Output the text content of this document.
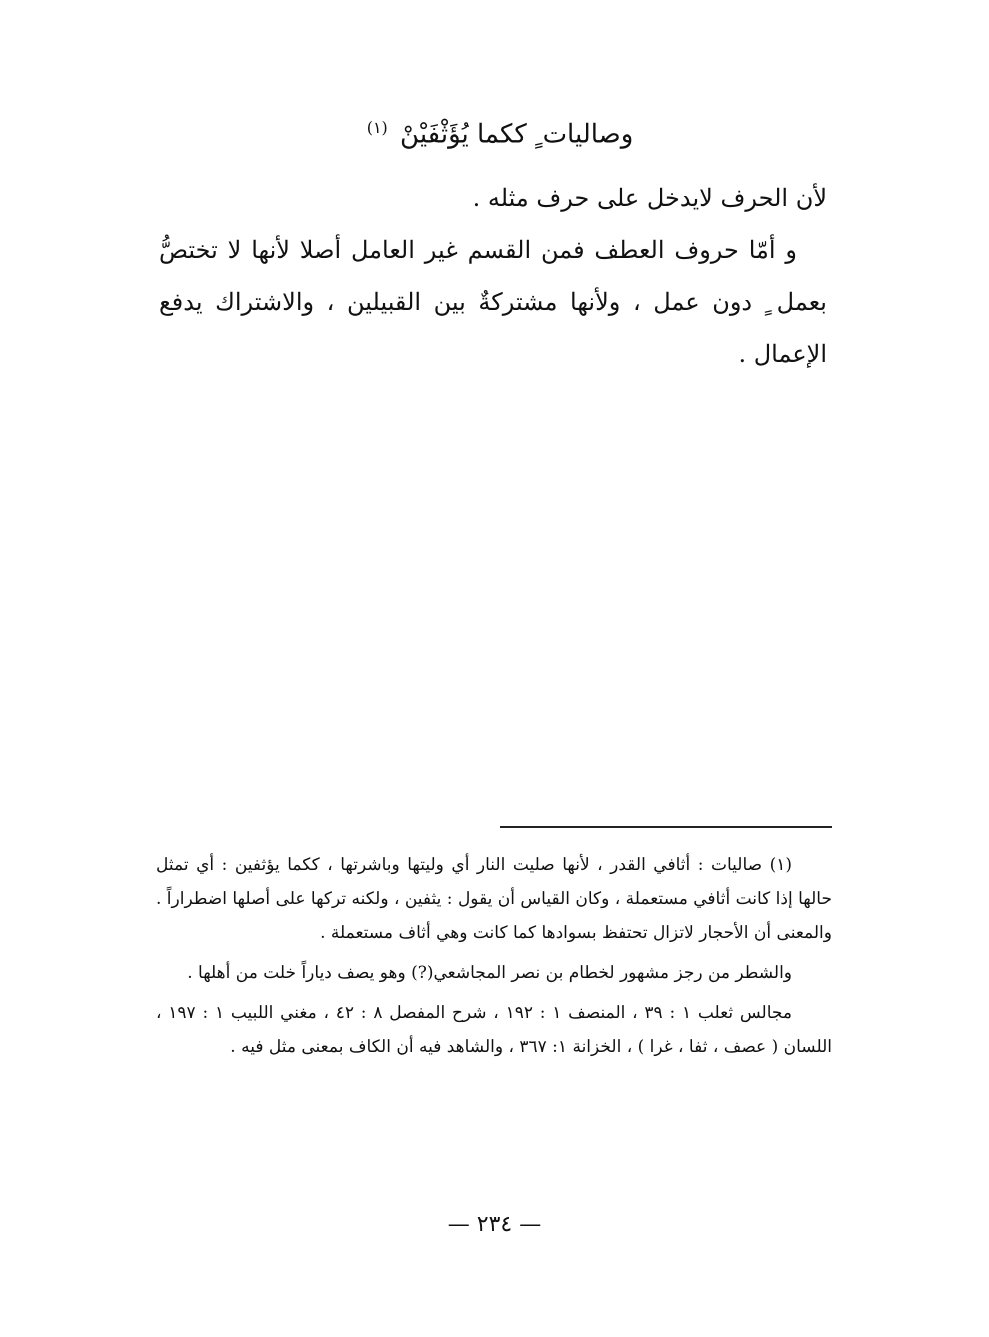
وصاليات ٍ ككما يُؤَثْفَيْنْ $^{(١)}$

لأن الحرف لايدخل على حرف مثله .

و أمّا حروف العطف فمن القسم غير العامل أصلا لأنها لا تختصُّ بعمل ٍ دون عمل ، ولأنها مشتركةٌ بين القبيلين ، والاشتراك يدفع الإعمال .

(١) صاليات : أثافي القدر ، لأنها صليت النار أي وليتها وباشرتها ، ككما يؤثفين : أي تمثل حالها إذا كانت أثافي مستعملة ، وكان القياس أن يقول : يثفين ، ولكنه تركها على أصلها اضطراراً . والمعنى أن الأحجار لاتزال تحتفظ بسوادها كما كانت وهي أثاف مستعملة .

والشطر من رجز مشهور لخطام بن نصر المجاشعي(?) وهو يصف دياراً خلت من أهلها .

مجالس ثعلب ١ : ٣٩ ، المنصف ١ : ١٩٢ ، شرح المفصل ٨ : ٤٢ ، مغني اللبيب ١ : ١٩٧ ، اللسان ( عصف ، ثفا ، غرا ) ، الخزانة ١: ٣٦٧ ، والشاهد فيه أن الكاف بمعنى مثل فيه .

— ٢٣٤ —
